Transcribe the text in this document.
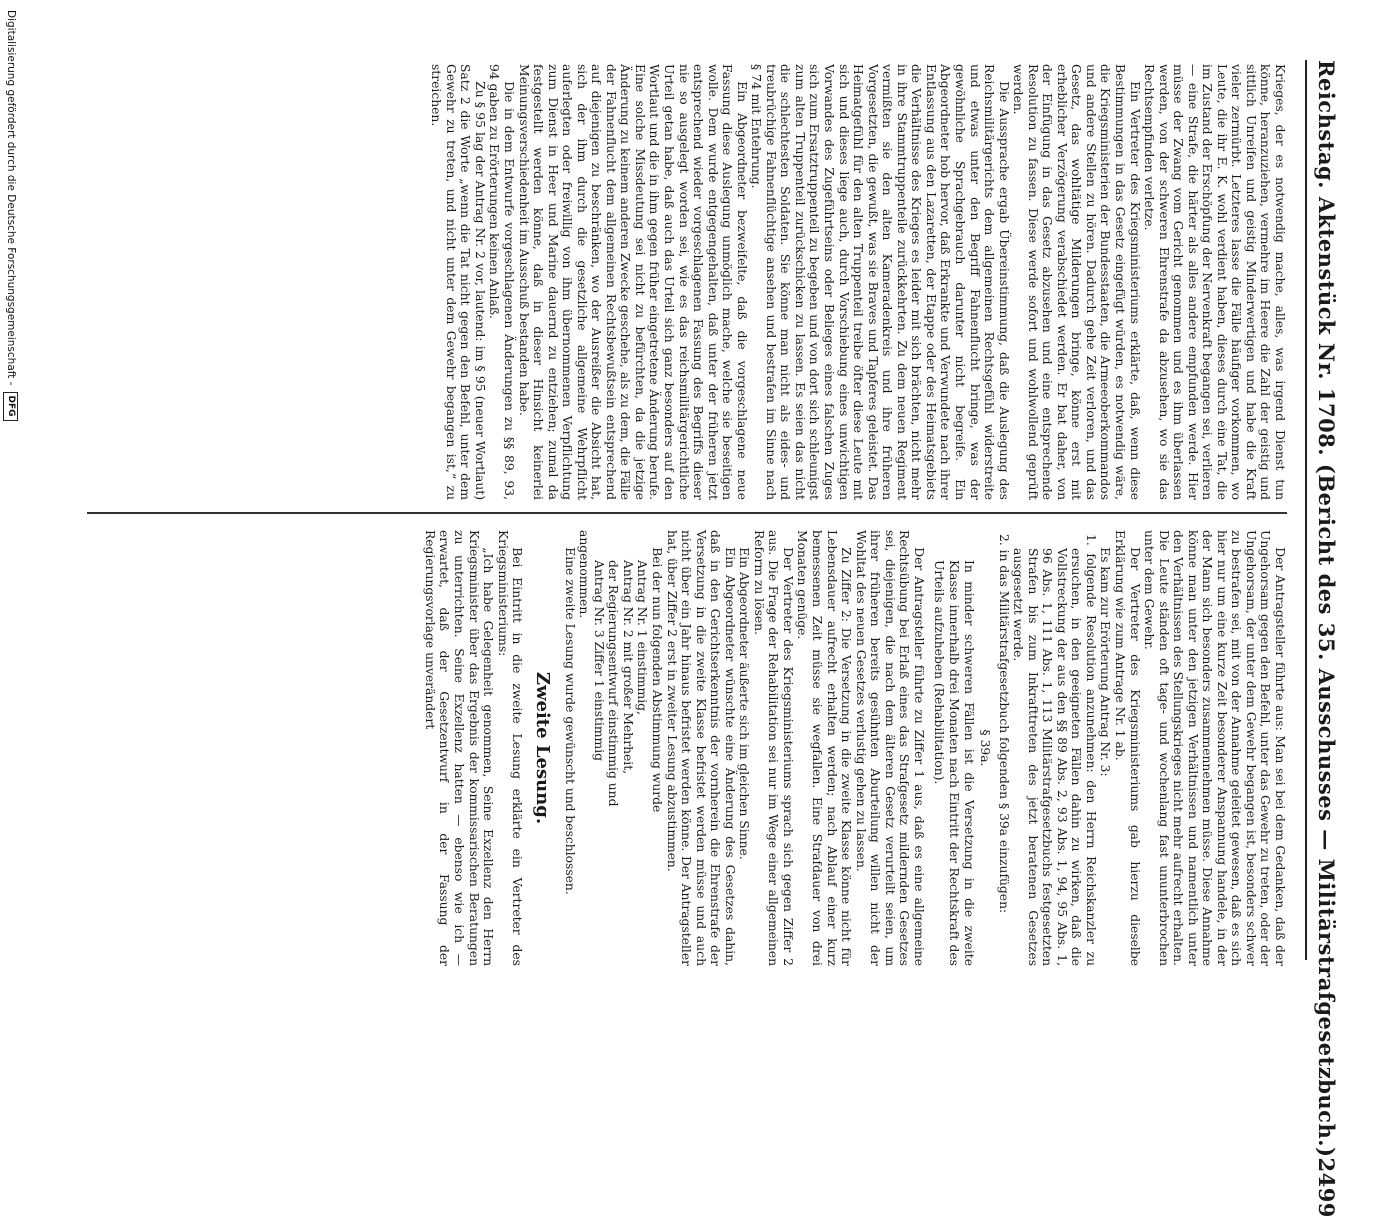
Reichstag. Aktenstück Nr. 1708. (Bericht des 35. Ausschusses — Militärstrafgesetzbuch.)
2499

Krieges, der es notwendig mache, alles, was irgend Dienst tun könne, heranzuziehen, vermehre im Heere die Zahl der geistig und sittlich Unreifen und geistig Minderwertigen und habe die Kraft vieler zermürbt. Letzteres lasse die Fälle häufiger vorkommen, wo Leute, die ihr E. K. wohl verdient haben, dieses durch eine Tat, die im Zustand der Erschöpfung der Nervenkraft begangen sei, verlieren — eine Strafe, die härter als alles andere empfunden werde. Hier müsse der Zwang vom Gericht genommen und es ihm überlassen werden, von der schweren Ehrenstrafe da abzusehen, wo sie das Rechtsempfinden verletze.

Ein Vertreter des Kriegsministeriums erklärte, daß, wenn diese Bestimmungen in das Gesetz eingefügt würden, es notwendig wäre, die Kriegsministerien der Bundesstaaten, die Armeeoberkommandos und andere Stellen zu hören. Dadurch gehe Zeit verloren, und das Gesetz, das wohltätige Milderungen bringe, könne erst mit erheblicher Verzögerung verabschiedet werden. Er bat daher, von der Einfügung in das Gesetz abzusehen und eine entsprechende Resolution zu fassen. Diese werde sofort und wohlwollend geprüft werden.

Die Aussprache ergab Übereinstimmung, daß die Auslegung des Reichsmilitärgerichts dem allgemeinen Rechtsgefühl widerstreite und etwas unter den Begriff Fahnenflucht bringe, was der gewöhnliche Sprachgebrauch darunter nicht begreife. Ein Abgeordneter hob hervor, daß Erkrankte und Verwundete nach ihrer Entlassung aus den Lazaretten, der Etappe oder des Heimatsgebiets die Verhältnisse des Krieges es leider mit sich brächten, nicht mehr in ihre Stammtruppenteile zurückkehrten. Zu dem neuen Regiment vermißten sie den alten Kameradenkreis und ihre früheren Vorgesetzten, die gewußt, was sie Braves und Tapferes geleistet. Das Heimatgefühl für den alten Truppenteil treibe öfter diese Leute mit sich und dieses liege auch, durch Vorschiebung eines unwichtigen Vorwandes des Zugeführtseins oder Belieges eines falschen Zuges sich zum Ersatztruppenteil zu begeben und von dort sich schleunigst zum alten Truppenteil zurückschicken zu lassen. Es seien das nicht die schlechtesten Soldaten. Sie könne man nicht als eides- und treubrüchige Fahnenflüchtige ansehen und bestrafen im Sinne nach § 74 mit Entehrung.

Ein Abgeordneter bezweifelte, daß die vorgeschlagene neue Fassung diese Auslegung unmöglich mache, welche sie beseitigen wolle. Dem wurde entgegengehalten, daß unter der früheren jetzt entsprechend wieder vorgeschlagenen Fassung des Begriffs dieser nie so ausgelegt worden sei, wie es das reichsmilitärgerichtliche Urteil getan habe, daß auch das Urteil sich ganz besonders auf den Wortlaut und die in ihm gegen früher eingetretene Änderung berufe. Eine solche Missdeutung sei nicht zu befürchten, da die jetzige Änderung zu keinem anderen Zwecke geschehe, als zu dem, die Fälle der Fahnenflucht dem allgemeinen Rechtsbewußtsein entsprechend auf diejenigen zu beschränken, wo der Ausreißer die Absicht hat, sich der ihm durch die gesetzliche allgemeine Wehrpflicht auferlegten oder freiwillig von ihm übernommenen Verpflichtung zum Dienst in Heer und Marine dauernd zu entziehen; zumal da festgestellt werden könne, daß in dieser Hinsicht keinerlei Meinungsverschiedenheit im Ausschuß bestanden habe.

Die in dem Entwurfe vorgeschlagenen Änderungen zu §§ 89, 93, 94 gaben zu Erörterungen keinen Anlaß.

Zu § 95 lag der Antrag Nr. 2 vor, lautend: im § 95 (neuer Wortlaut) Satz 2 die Worte „wenn die Tat nicht gegen den Befehl, unter dem Gewehr zu treten, und nicht unter dem Gewehr begangen ist,“ zu streichen.

Der Antragsteller führte aus: Man sei bei dem Gedanken, daß der Ungehorsam gegen den Befehl, unter das Gewehr zu treten, oder der Ungehorsam, der unter dem Gewehr begangen ist, besonders schwer zu bestrafen sei, mit von der Annahme geleitet gewesen, daß es sich hier nur um eine kurze Zeit besonderer Anspannung handele, in der der Mann sich besonders zusammennehmen müsse. Diese Annahme könne man unter den jetzigen Verhältnissen und namentlich unter den Verhältnissen des Stellungskrieges nicht mehr aufrecht erhalten. Die Leute ständen oft tage- und wochenlang fast ununterbrochen unter dem Gewehr.

Der Vertreter des Kriegsministeriums gab hierzu dieselbe Erklärung wie zum Antrage Nr. 1 ab.

Es kam zur Erörterung Antrag Nr. 3:

1. folgende Resolution anzunehmen: den Herrn Reichskanzler zu ersuchen, in den geeigneten Fällen dahin zu wirken, daß die Vollstreckung der aus den §§ 89 Abs. 2, 93 Abs. 1, 94, 95 Abs. 1, 96 Abs. 1, 111 Abs. 1, 113 Militärstrafgesetzbuchs festgesetzten Strafen bis zum Inkrafttreten des jetzt beratenen Gesetzes ausgesetzt werde.

2. in das Militärstrafgesetzbuch folgenden § 39a einzufügen:

§ 39a.

In minder schweren Fällen ist die Versetzung in die zweite Klasse innerhalb drei Monaten nach Eintritt der Rechtskraft des Urteils aufzuheben (Rehabilitation).

Der Antragsteller führte zu Ziffer 1 aus, daß es eine allgemeine Rechtsübung bei Erlaß eines das Strafgesetz mildernden Gesetzes sei, diejenigen, die nach dem älteren Gesetz verurteilt seien, um ihrer früheren bereits gesühnten Aburteilung willen nicht der Wohltat des neuen Gesetzes verlustig gehen zu lassen.

Zu Ziffer 2: Die Versetzung in die zweite Klasse könne nicht für Lebensdauer aufrecht erhalten werden; nach Ablauf einer kurz bemessenen Zeit müsse sie wegfallen. Eine Strafdauer von drei Monaten genüge.

Der Vertreter des Kriegsministeriums sprach sich gegen Ziffer 2 aus. Die Frage der Rehabilitation sei nur im Wege einer allgemeinen Reform zu lösen.

Ein Abgeordneter äußerte sich im gleichen Sinne.

Ein Abgeordneter wünschte eine Änderung des Gesetzes dahin, daß in den Gerichtserkenntnis der vornherein die Ehrenstrafe der Versetzung in die zweite Klasse befristet werden müsse und auch nicht über ein Jahr hinaus befristet werden könne. Der Antragsteller hat, über Ziffer 2 erst in zweiter Lesung abzustimmen.

Bei der nun folgenden Abstimmung wurde

Antrag Nr. 1 einstimmig,

Antrag Nr. 2 mit großer Mehrheit,

der Regierungsentwurf einstimmig und

Antrag Nr. 3 Ziffer 1 einstimmig

angenommen.

Eine zweite Lesung wurde gewünscht und beschlossen.

Zweite Lesung.

Bei Eintritt in die zweite Lesung erklärte ein Vertreter des Kriegsministeriums:

„Ich habe Gelegenheit genommen, Seine Exzellenz den Herrn Kriegsminister über das Ergebnis der kommissarischen Beratungen zu unterrichten. Seine Exzellenz hatten — ebenso wie ich — erwartet, daß der Gesetzentwurf in der Fassung der Regierungsvorlage unverändert

Digitalisierung gefördert durch die Deutsche Forschungsgemeinschaft -
DFG
